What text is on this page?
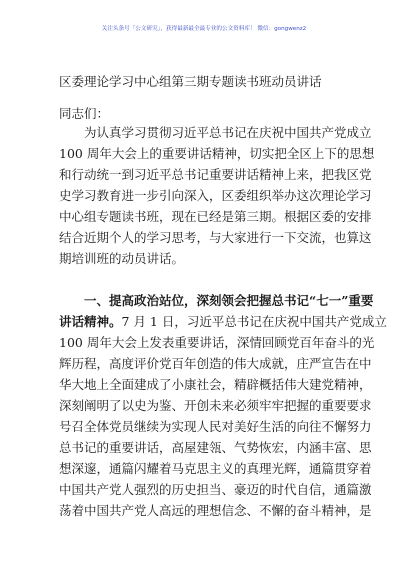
关注头条号「公文研究」，获得最新最全最专业的公文资料库！ 微信：gongwenz2
区委理论学习中心组第三期专题读书班动员讲话
同志们：
　　为认真学习贯彻习近平总书记在庆祝中国共产党成立
100 周年大会上的重要讲话精神，切实把全区上下的思想
和行动统一到习近平总书记重要讲话精神上来，把我区党
史学习教育进一步引向深入，区委组织举办这次理论学习
中心组专题读书班，现在已经是第三期。根据区委的安排
结合近期个人的学习思考，与大家进行一下交流，也算这
期培训班的动员讲话。
　　一、提高政治站位，深刻领会把握总书记“七一”重要
讲话精神。7 月 1 日，习近平总书记在庆祝中国共产党成立
100 周年大会上发表重要讲话，深情回顾党百年奋斗的光
辉历程，高度评价党百年创造的伟大成就，庄严宣告在中
华大地上全面建成了小康社会，精辟概括伟大建党精神，
深刻阐明了以史为鉴、开创未来必须牢牢把握的重要要求
号召全体党员继续为实现人民对美好生活的向往不懈努力
总书记的重要讲话，高屋建瓴、气势恢宏，内涵丰富、思
想深邃，通篇闪耀着马克思主义的真理光辉，通篇贯穿着
中国共产党人强烈的历史担当、豪迈的时代自信，通篇激
荡着中国共产党人高远的理想信念、不懈的奋斗精神，是
